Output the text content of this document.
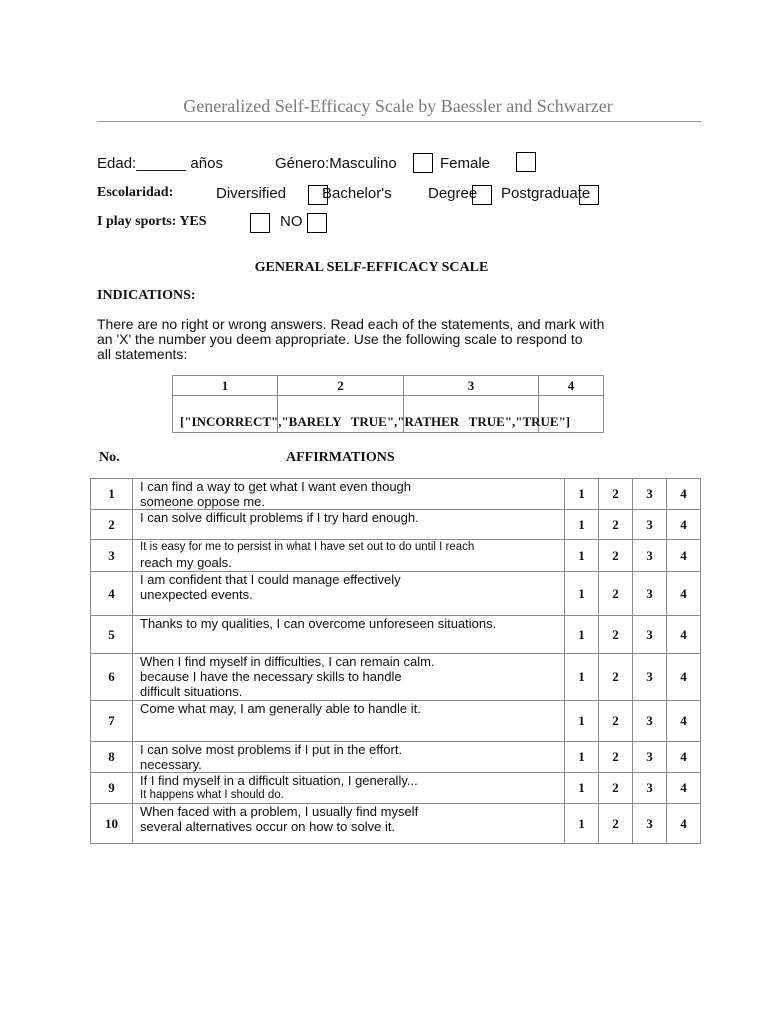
Generalized Self-Efficacy Scale by Baessler and Schwarzer
Edad:______ años	Género:Masculino	Female
Escolaridad:	Diversified Bachelor's Degree Postgraduate
I play sports: YES	NO
GENERAL SELF-EFFICACY SCALE
INDICATIONS:
There are no right or wrong answers. Read each of the statements, and mark with
an 'X' the number you deem appropriate. Use the following scale to respond to
all statements:
1	2	3	4

["INCORRECT","BARELY   TRUE","RATHER   TRUE","TRUE"]
No.	AFFIRMATIONS
1	I can find a way to get what I want even though
someone oppose me.	1	2	3	4
2	I can solve difficult problems if I try hard enough.	1	2	3	4
3	It is easy for me to persist in what I have set out to do until I reach
reach my goals.	1	2	3	4
4	I am confident that I could manage effectively
unexpected events.	1	2	3	4
5	Thanks to my qualities, I can overcome unforeseen situations.	1	2	3	4
6	When I find myself in difficulties, I can remain calm.
because I have the necessary skills to handle
difficult situations.	1	2	3	4
7	Come what may, I am generally able to handle it.	1	2	3	4
8	I can solve most problems if I put in the effort.
necessary.	1	2	3	4
9	If I find myself in a difficult situation, I generally...
It happens what I should do.	1	2	3	4
10	When faced with a problem, I usually find myself
several alternatives occur on how to solve it.	1	2	3	4
